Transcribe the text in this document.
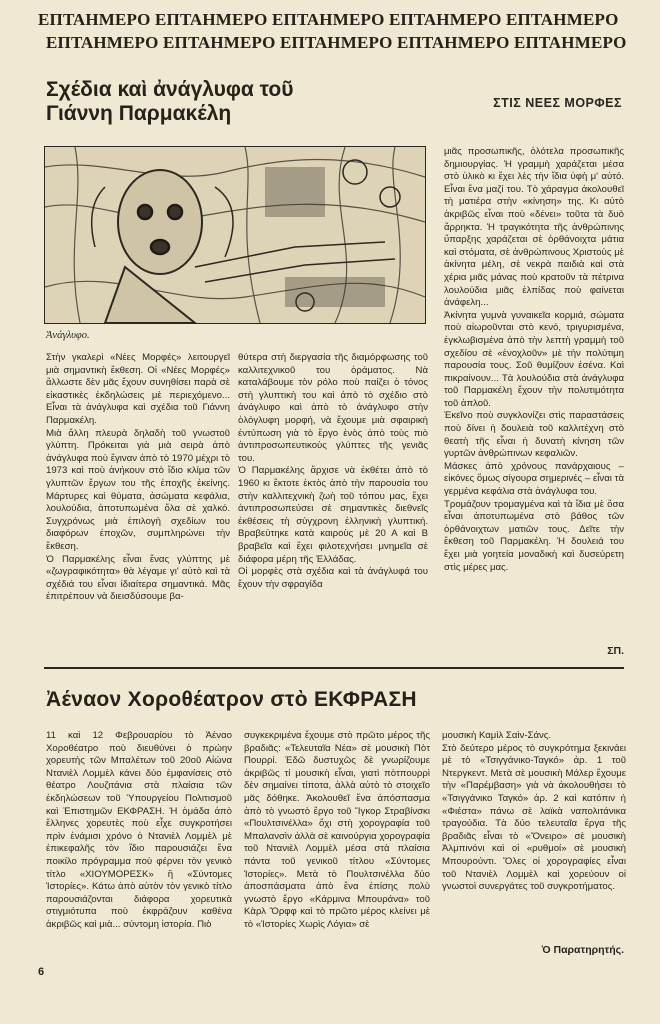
ΕΠΤΑΗΜΕΡΟ ΕΠΤΑΗΜΕΡΟ ΕΠΤΑΗΜΕΡΟ ΕΠΤΑΗΜΕΡΟ ΕΠΤΑΗΜΕΡΟ
ΕΠΤΑΗΜΕΡΟ ΕΠΤΑΗΜΕΡΟ ΕΠΤΑΗΜΕΡΟ ΕΠΤΑΗΜΕΡΟ ΕΠΤΑΗΜΕΡΟ
Σχέδια καὶ ἀνάγλυφα τοῦ Γιάννη Παρμακέλη	ΣΤΙΣ ΝΕΕΣ ΜΟΡΦΕΣ
Ἀνάγλυφο.
Στὴν γκαλερὶ «Νέες Μορφές» λειτουργεῖ μιὰ σημαντικὴ ἔκθεση. Οἱ «Νέες Μορφές» ἄλλωστε δὲν μᾶς ἔχουν συνηθίσει παρὰ σὲ εἰκαστικὲς ἐκδηλώσεις μὲ περιεχόμενο... Εἶναι τὰ ἀνάγλυφα καὶ σχέδια τοῦ Γιάννη Παρμακέλη.
Μιὰ ἄλλη πλευρὰ δηλαδὴ τοῦ γνωστοῦ γλύπτη. Πρόκειται γιὰ μιὰ σειρὰ ἀπὸ ἀνάγλυφα ποὺ ἔγιναν ἀπὸ τὸ 1970 μέχρι τὸ 1973 καὶ ποὺ ἀνήκουν στὸ ἴδιο κλίμα τῶν γλυπτῶν ἔργων του τῆς ἐποχῆς ἐκείνης. Μάρτυρες καὶ θύματα, ἀσώματα κεφάλια, λουλούδια, ἀποτυπωμένα ὅλα σὲ χαλκό. Συγχρόνως μιὰ ἐπιλογὴ σχεδίων του διαφόρων ἐποχῶν, συμπληρώνει τὴν ἔκθεση.
Ὁ Παρμακέλης εἶναι ἕνας γλύπτης μὲ «ζωγραφικότητα» θὰ λέγαμε γι' αὐτὸ καὶ τὰ σχέδιά του εἶναι ἰδιαίτερα σημαντικά. Μᾶς ἐπιτρέπουν νὰ διεισδύσουμε βα-
θύτερα στὴ διεργασία τῆς διαμόρφωσης τοῦ καλλιτεχνικοῦ του ὁράματος. Νὰ καταλάβουμε τὸν ρόλο ποὺ παίζει ὁ τόνος στὴ γλυπτικὴ του καὶ ἀπὸ τὸ σχέδιο στὸ ἀνάγλυφο καὶ ἀπὸ τὸ ἀνάγλυφο στὴν ὁλόγλυφη μορφή, νὰ ἔχουμε μιὰ σφαιρικὴ ἐντύπωση γιὰ τὸ ἔργο ἑνὸς ἀπὸ τοὺς πιὸ ἀντιπροσωπευτικοὺς γλύπτες τῆς γενιᾶς του.
Ὁ Παρμακέλης ἄρχισε νὰ ἐκθέτει ἀπὸ τὸ 1960 κι ἔκτοτε ἐκτὸς ἀπὸ τὴν παρουσία του στὴν καλλιτεχνικὴ ζωὴ τοῦ τόπου μας, ἔχει ἀντιπροσωπεύσει σὲ σημαντικὲς διεθνεῖς ἐκθέσεις τὴ σύγχρονη ἑλληνικὴ γλυπτική. Βραβεύτηκε κατὰ καιροὺς μὲ 20 Α καὶ Β βραβεῖα καὶ ἔχει φιλοτεχνήσει μνημεῖα σὲ διάφορα μέρη τῆς Ἑλλάδας.
Οἱ μορφὲς στὰ σχέδια καὶ τὰ ἀνάγλυφά του ἔχουν τὴν σφραγίδα
μιᾶς προσωπικῆς, ὁλότελα προσωπικῆς δημιουργίας. Ἡ γραμμὴ χαράζεται μέσα στὸ ὑλικὸ κι ἔχει λὲς τὴν ἴδια ὑφὴ μ' αὐτό. Εἶναι ἕνα μαζί του. Τὸ χάραγμα ἀκολουθεῖ τὴ ματιέρα στὴν «κίνηση» της. Κι αὐτὸ ἀκριβῶς εἶναι ποὺ «δένει» τοῦτα τὰ δυὸ ἄρρηκτα. Ἡ τραγικότητα τῆς ἀνθρώπινης ὕπαρξης χαράζεται σὲ ὀρθάνοιχτα μάτια καὶ στόματα, σὲ ἀνθρώπινους Χριστοὺς μὲ ἀκίνητα μέλη, σὲ νεκρὰ παιδιὰ καὶ στὰ χέρια μιᾶς μάνας ποὺ κρατοῦν τὰ πέτρινα λουλούδια μιᾶς ἐλπίδας ποὺ φαίνεται ἀνάφελη...
Ἀκίνητα γυμνὰ γυναικεῖα κορμιά, σώματα ποὺ αἰωροῦνται στὸ κενό, τριγυρισμένα, ἐγκλωβισμένα ἀπὸ τὴν λεπτὴ γραμμὴ τοῦ σχεδίου σὲ «ἐνοχλοῦν» μὲ τὴν πολύτιμη παρουσία τους. Σοῦ θυμίζουν ἐσένα. Καὶ πικραίνουν... Τὰ λουλούδια στὰ ἀνάγλυφα τοῦ Παρμακέλη ἔχουν τὴν πολυτιμότητα τοῦ ἁπλοῦ.
Ἐκεῖνο ποὺ συγκλονίζει στὶς παραστάσεις ποὺ δίνει ἡ δουλειὰ τοῦ καλλιτέχνη στὸ θεατὴ τῆς εἶναι ἡ δυνατὴ κίνηση τῶν γυρτῶν ἀνθρώπινων κεφαλιῶν.
Μάσκες ἀπὸ χρόνους πανάρχαιους – εἰκόνες ὅμως σίγουρα σημερινές – εἶναι τὰ γερμένα κεφάλια στὰ ἀνάγλυφα του.
Τρομάζουν τρομαγμένα καὶ τὰ ἴδια μὲ ὅσα εἶναι ἀποτυπωμένα στὸ βάθος τῶν ὀρθάνοιχτων ματιῶν τους. Δεῖτε τὴν ἔκθεση τοῦ Παρμακέλη. Ἡ δουλειά του ἔχει μιὰ γοητεία μοναδικὴ καὶ δυσεύρετη στὶς μέρες μας.
ΣΠ.
Ἀέναον Χοροθέατρον στὸ ΕΚΦΡΑΣΗ
11 καὶ 12 Φεβρουαρίου τὸ Ἀέναο Χοροθέατρο ποὺ διευθύνει ὁ πρώην χορευτὴς τῶν Μπαλέτων τοῦ 20οῦ Αἰώνα Ντανιὲλ Λομμὲλ κάνει δύο ἐμφανίσεις στὸ θέατρο Λουζιτάνια στὰ πλαίσια τῶν ἐκδηλώσεων τοῦ Ὑπουργείου Πολιτισμοῦ καὶ Ἐπιστημῶν ΕΚΦΡΑΣΗ. Ἡ ὁμάδα ἀπὸ ἕλληνες χορευτὲς ποὺ εἶχε συγκροτήσει πρὶν ἐνάμισι χρόνο ὁ Ντανιὲλ Λομμὲλ μὲ ἐπικεφαλῆς τὸν ἴδιο παρουσιάζει ἕνα ποικίλο πρόγραμμα ποὺ φέρνει τὸν γενικὸ τίτλο «ΧΙΟΥΜΟΡΕΣΚ» ἢ «Σύντομες Ἱστορίες». Κάτω ἀπὸ αὐτὸν τὸν γενικὸ τίτλο παρουσιάζονται διάφορα χορευτικὰ στιγμιότυπα ποὺ ἐκφράζουν καθένα ἀκριβῶς καὶ μιὰ... σύντομη ἱστορία. Πιὸ
συγκεκριμένα ἔχουμε στὸ πρῶτο μέρος τῆς βραδιᾶς: «Τελευταῖα Νέα» σὲ μουσικὴ Πὸτ Πουρρί. Ἐδῶ δυστυχῶς δὲ γνωρίζουμε ἀκριβῶς τί μουσικὴ εἶναι, γιατὶ πὸτπουρρὶ δὲν σημαίνει τίποτα, ἀλλὰ αὐτὸ τὸ στοιχεῖο μᾶς δόθηκε. Ἀκολουθεῖ ἕνα ἀπόσπασμα ἀπὸ τὸ γνωστὸ ἔργο τοῦ Ἴγκορ Στραβίνσκι «Πουλτσινέλλα» ὄχι στὴ χορογραφία τοῦ Μπαλανσὶν ἀλλὰ σὲ καινούργια χορογραφία τοῦ Ντανιὲλ Λομμὲλ μέσα στὰ πλαίσια πάντα τοῦ γενικοῦ τίτλου «Σύντομες Ἱστορίες». Μετὰ τὸ Πουλτσινέλλα δύο ἀποσπάσματα ἀπὸ ἕνα ἐπίσης πολὺ γνωστὸ ἔργο «Κάρμινα Μπουράνα» τοῦ Κὰρλ Ὄρφφ καὶ τὸ πρῶτο μέρος κλείνει μὲ τὸ «Ἱστορίες Χωρὶς Λόγια» σὲ
μουσικὴ Καμὶλ Σαὶν-Σάνς.
Στὸ δεύτερο μέρος τὸ συγκρότημα ξεκινάει μὲ τὸ «Τσιγγάνικο-Ταγκό» ἀρ. 1 τοῦ Ντεργκεντ. Μετὰ σὲ μουσικὴ Μάλερ ἔχουμε τὴν «Παρέμβαση» γιὰ νὰ ἀκολουθήσει τὸ «Τσιγγάνικο Ταγκό» ἀρ. 2 καὶ κατόπιν ἡ «Φιέστα» πάνω σὲ λαϊκὰ ναπολιτάνικα τραγούδια. Τὰ δύο τελευταῖα ἔργα τῆς βραδιᾶς εἶναι τὸ «Ὄνειρο» σὲ μουσικὴ Ἀλμπινόνι καὶ οἱ «ρυθμοί» σὲ μουσικὴ Μπουρούντι. Ὅλες οἱ χορογραφίες εἶναι τοῦ Ντανιὲλ Λομμὲλ καὶ χορεύουν οἱ γνωστοὶ συνεργάτες τοῦ συγκροτήματος.
Ὁ Παρατηρητής.
6
